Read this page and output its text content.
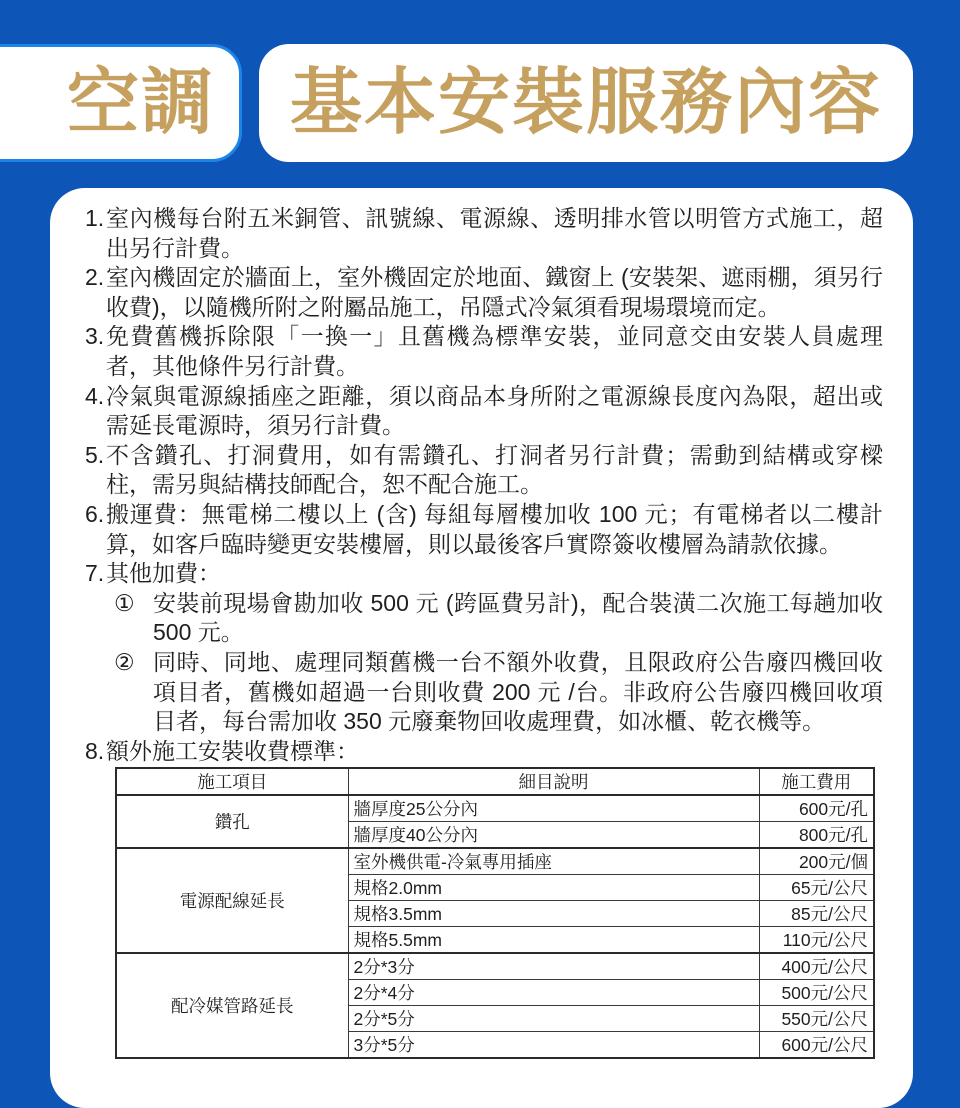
空調 基本安裝服務內容
1. 室內機每台附五米銅管、訊號線、電源線、透明排水管以明管方式施工，超出另行計費。
2. 室內機固定於牆面上，室外機固定於地面、鐵窗上 (安裝架、遮雨棚，須另行收費)，以隨機所附之附屬品施工，吊隱式冷氣須看現場環境而定。
3. 免費舊機拆除限「一換一」且舊機為標準安裝，並同意交由安裝人員處理者，其他條件另行計費。
4. 冷氣與電源線插座之距離，須以商品本身所附之電源線長度內為限，超出或需延長電源時，須另行計費。
5. 不含鑽孔、打洞費用，如有需鑽孔、打洞者另行計費；需動到結構或穿樑柱，需另與結構技師配合，恕不配合施工。
6. 搬運費：無電梯二樓以上 (含) 每組每層樓加收 100 元；有電梯者以二樓計算，如客戶臨時變更安裝樓層，則以最後客戶實際簽收樓層為請款依據。
7. 其他加費：
① 安裝前現場會勘加收 500 元 (跨區費另計)，配合裝潢二次施工每趟加收 500 元。
② 同時、同地、處理同類舊機一台不額外收費，且限政府公告廢四機回收項目者，舊機如超過一台則收費 200 元 /台。非政府公告廢四機回收項目者，每台需加收 350 元廢棄物回收處理費，如冰櫃、乾衣機等。
8. 額外施工安裝收費標準：
施工項目	細目說明	施工費用
鑽孔	牆厚度25公分內	600元/孔
	牆厚度40公分內	800元/孔
電源配線延長	室外機供電-冷氣專用插座	200元/個
	規格2.0mm	65元/公尺
	規格3.5mm	85元/公尺
	規格5.5mm	110元/公尺
配冷媒管路延長	2分*3分	400元/公尺
	2分*4分	500元/公尺
	2分*5分	550元/公尺
	3分*5分	600元/公尺
